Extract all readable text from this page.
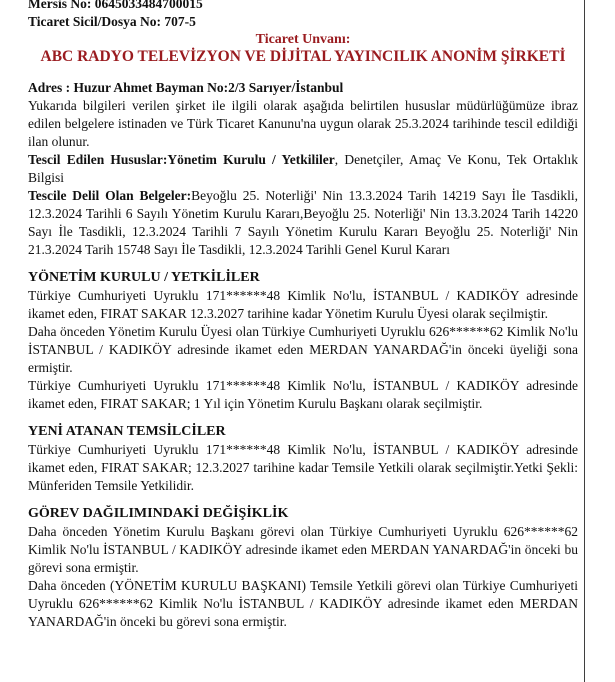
Mersis No: 0645033484700015

Ticaret Sicil/Dosya No: 707-5

Ticaret Unvanı:

ABC RADYO TELEVİZYON VE DİJİTAL YAYINCILIK ANONİM ŞİRKETİ

Adres : Huzur Ahmet Bayman No:2/3 Sarıyer/İstanbul

Yukarıda bilgileri verilen şirket ile ilgili olarak aşağıda belirtilen hususlar müdürlüğümüze ibraz edilen belgelere istinaden ve Türk Ticaret Kanunu'na uygun olarak 25.3.2024 tarihinde tescil edildiği ilan olunur.

Tescil Edilen Hususlar:Yönetim Kurulu / Yetkililer, Denetçiler, Amaç Ve Konu, Tek Ortaklık Bilgisi

Tescile Delil Olan Belgeler:Beyoğlu 25. Noterliği' Nin 13.3.2024 Tarih 14219 Sayı İle Tasdikli, 12.3.2024 Tarihli 6 Sayılı Yönetim Kurulu Kararı,Beyoğlu 25. Noterliği' Nin 13.3.2024 Tarih 14220 Sayı İle Tasdikli, 12.3.2024 Tarihli 7 Sayılı Yönetim Kurulu Kararı Beyoğlu 25. Noterliği' Nin 21.3.2024 Tarih 15748 Sayı İle Tasdikli, 12.3.2024 Tarihli Genel Kurul Kararı

YÖNETİM KURULU / YETKİLİLER

Türkiye Cumhuriyeti Uyruklu 171******48 Kimlik No'lu, İSTANBUL / KADIKÖY adresinde ikamet eden, FIRAT SAKAR 12.3.2027 tarihine kadar Yönetim Kurulu Üyesi olarak seçilmiştir.

Daha önceden Yönetim Kurulu Üyesi olan Türkiye Cumhuriyeti Uyruklu 626******62 Kimlik No'lu İSTANBUL / KADIKÖY adresinde ikamet eden MERDAN YANARDAĞ'in önceki üyeliği sona ermiştir.

Türkiye Cumhuriyeti Uyruklu 171******48 Kimlik No'lu, İSTANBUL / KADIKÖY adresinde ikamet eden, FIRAT SAKAR; 1 Yıl için Yönetim Kurulu Başkanı olarak seçilmiştir.

YENİ ATANAN TEMSİLCİLER

Türkiye Cumhuriyeti Uyruklu 171******48 Kimlik No'lu, İSTANBUL / KADIKÖY adresinde ikamet eden, FIRAT SAKAR; 12.3.2027 tarihine kadar Temsile Yetkili olarak seçilmiştir.Yetki Şekli: Münferiden Temsile Yetkilidir.

GÖREV DAĞILIMINDAKİ DEĞİŞİKLİK

Daha önceden Yönetim Kurulu Başkanı görevi olan Türkiye Cumhuriyeti Uyruklu 626******62 Kimlik No'lu İSTANBUL / KADIKÖY adresinde ikamet eden MERDAN YANARDAĞ'in önceki bu görevi sona ermiştir.

Daha önceden (YÖNETİM KURULU BAŞKANI) Temsile Yetkili görevi olan Türkiye Cumhuriyeti Uyruklu 626******62 Kimlik No'lu İSTANBUL / KADIKÖY adresinde ikamet eden MERDAN YANARDAĞ'in önceki bu görevi sona ermiştir.
